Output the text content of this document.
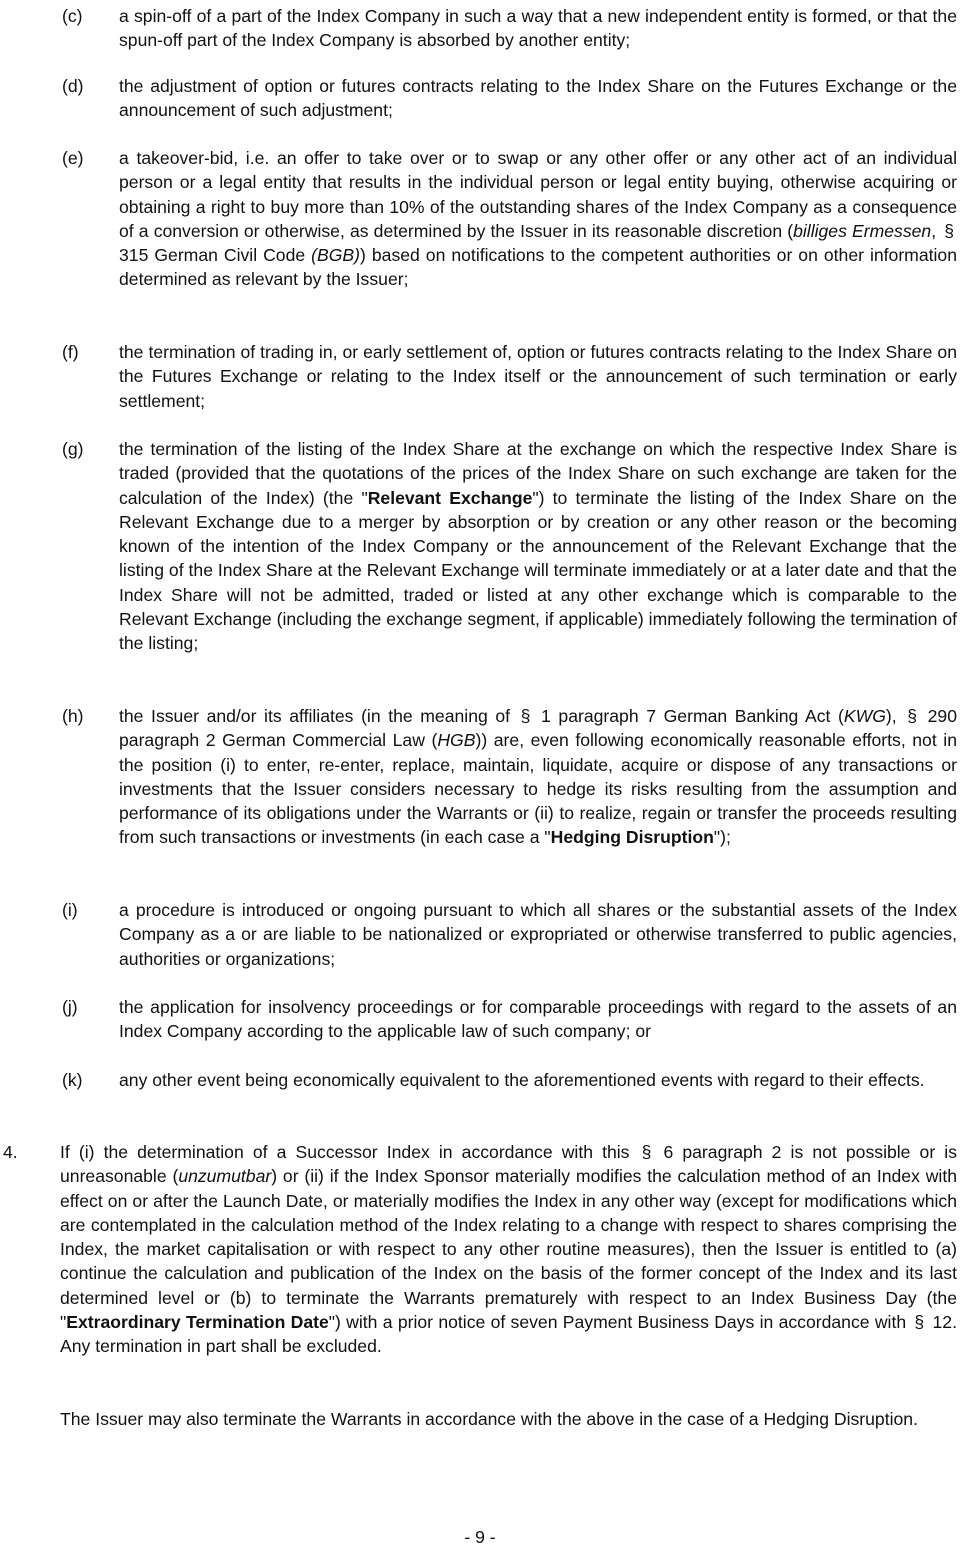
(c) a spin-off of a part of the Index Company in such a way that a new independent entity is formed, or that the spun-off part of the Index Company is absorbed by another entity;
(d) the adjustment of option or futures contracts relating to the Index Share on the Futures Exchange or the announcement of such adjustment;
(e) a takeover-bid, i.e. an offer to take over or to swap or any other offer or any other act of an individual person or a legal entity that results in the individual person or legal entity buying, otherwise acquiring or obtaining a right to buy more than 10% of the outstanding shares of the Index Company as a consequence of a conversion or otherwise, as determined by the Issuer in its reasonable discretion (billiges Ermessen, § 315 German Civil Code (BGB)) based on notifications to the competent authorities or on other information determined as relevant by the Issuer;
(f) the termination of trading in, or early settlement of, option or futures contracts relating to the Index Share on the Futures Exchange or relating to the Index itself or the announcement of such termination or early settlement;
(g) the termination of the listing of the Index Share at the exchange on which the respective Index Share is traded (provided that the quotations of the prices of the Index Share on such exchange are taken for the calculation of the Index) (the "Relevant Exchange") to terminate the listing of the Index Share on the Relevant Exchange due to a merger by absorption or by creation or any other reason or the becoming known of the intention of the Index Company or the announcement of the Relevant Exchange that the listing of the Index Share at the Relevant Exchange will terminate immediately or at a later date and that the Index Share will not be admitted, traded or listed at any other exchange which is comparable to the Relevant Exchange (including the exchange segment, if applicable) immediately following the termination of the listing;
(h) the Issuer and/or its affiliates (in the meaning of § 1 paragraph 7 German Banking Act (KWG), § 290 paragraph 2 German Commercial Law (HGB)) are, even following economically reasonable efforts, not in the position (i) to enter, re-enter, replace, maintain, liquidate, acquire or dispose of any transactions or investments that the Issuer considers necessary to hedge its risks resulting from the assumption and performance of its obligations under the Warrants or (ii) to realize, regain or transfer the proceeds resulting from such transactions or investments (in each case a "Hedging Disruption");
(i) a procedure is introduced or ongoing pursuant to which all shares or the substantial assets of the Index Company as a or are liable to be nationalized or expropriated or otherwise transferred to public agencies, authorities or organizations;
(j) the application for insolvency proceedings or for comparable proceedings with regard to the assets of an Index Company according to the applicable law of such company; or
(k) any other event being economically equivalent to the aforementioned events with regard to their effects.
4. If (i) the determination of a Successor Index in accordance with this § 6 paragraph 2 is not possible or is unreasonable (unzumutbar) or (ii) if the Index Sponsor materially modifies the calculation method of an Index with effect on or after the Launch Date, or materially modifies the Index in any other way (except for modifications which are contemplated in the calculation method of the Index relating to a change with respect to shares comprising the Index, the market capitalisation or with respect to any other routine measures), then the Issuer is entitled to (a) continue the calculation and publication of the Index on the basis of the former concept of the Index and its last determined level or (b) to terminate the Warrants prematurely with respect to an Index Business Day (the "Extraordinary Termination Date") with a prior notice of seven Payment Business Days in accordance with § 12. Any termination in part shall be excluded.
The Issuer may also terminate the Warrants in accordance with the above in the case of a Hedging Disruption.
- 9 -
